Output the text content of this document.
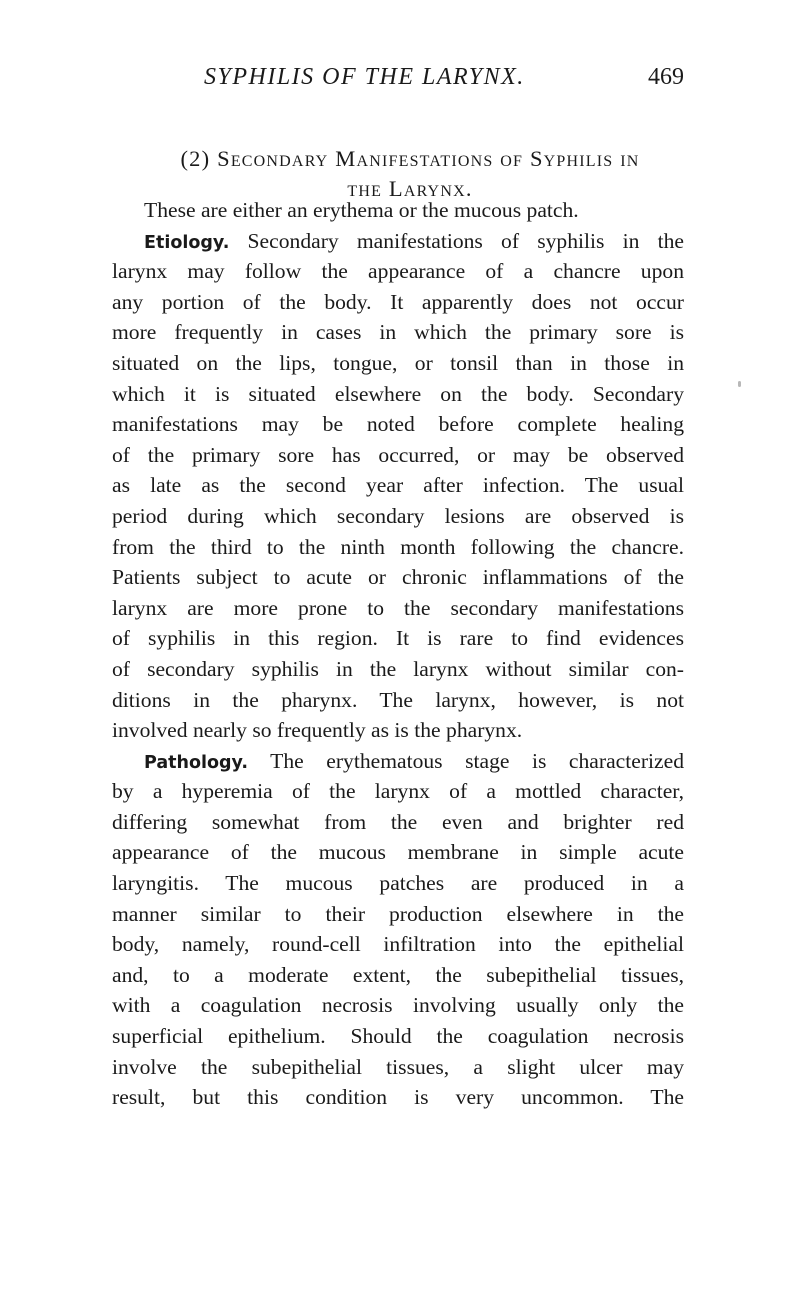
SYPHILIS OF THE LARYNX.	469
(2) Secondary Manifestations of Syphilis in
the Larynx.
These are either an erythema or the mucous patch.
Etiology. Secondary manifestations of syphilis in the
larynx may follow the appearance of a chancre upon
any portion of the body. It apparently does not occur
more frequently in cases in which the primary sore is
situated on the lips, tongue, or tonsil than in those in
which it is situated elsewhere on the body. Secondary
manifestations may be noted before complete healing
of the primary sore has occurred, or may be observed
as late as the second year after infection. The usual
period during which secondary lesions are observed is
from the third to the ninth month following the chancre.
Patients subject to acute or chronic inflammations of the
larynx are more prone to the secondary manifestations
of syphilis in this region. It is rare to find evidences
of secondary syphilis in the larynx without similar con-
ditions in the pharynx. The larynx, however, is not
involved nearly so frequently as is the pharynx.
Pathology. The erythematous stage is characterized
by a hyperemia of the larynx of a mottled character,
differing somewhat from the even and brighter red
appearance of the mucous membrane in simple acute
laryngitis. The mucous patches are produced in a
manner similar to their production elsewhere in the
body, namely, round-cell infiltration into the epithelial
and, to a moderate extent, the subepithelial tissues,
with a coagulation necrosis involving usually only the
superficial epithelium. Should the coagulation necrosis
involve the subepithelial tissues, a slight ulcer may
result, but this condition is very uncommon. The
